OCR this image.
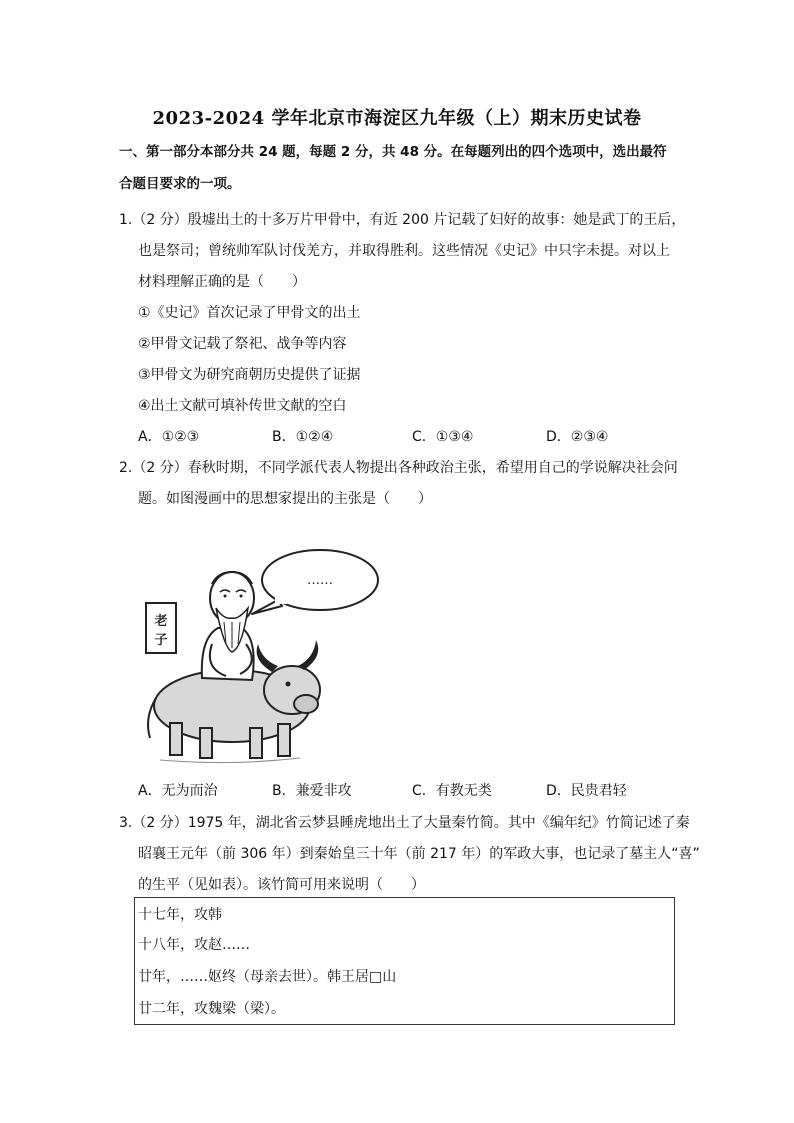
2023-2024 学年北京市海淀区九年级（上）期末历史试卷
一、第一部分本部分共 24 题，每题 2 分，共 48 分。在每题列出的四个选项中，选出最符
合题目要求的一项。
1.（2 分）殷墟出土的十多万片甲骨中，有近 200 片记载了妇好的故事：她是武丁的王后，
也是祭司；曾统帅军队讨伐羌方，并取得胜利。这些情况《史记》中只字未提。对以上
材料理解正确的是（　　）
①《史记》首次记录了甲骨文的出土
②甲骨文记载了祭祀、战争等内容
③甲骨文为研究商朝历史提供了证据
④出土文献可填补传世文献的空白
A．①②③	B．①②④	C．①③④	D．②③④
2.（2 分）春秋时期，不同学派代表人物提出各种政治主张，希望用自己的学说解决社会问
题。如图漫画中的思想家提出的主张是（　　）
……
老
子
A．无为而治	B．兼爱非攻	C．有教无类	D．民贵君轻
3.（2 分）1975 年，湖北省云梦县睡虎地出土了大量秦竹简。其中《编年纪》竹简记述了秦
昭襄王元年（前 306 年）到秦始皇三十年（前 217 年）的军政大事，也记录了墓主人“喜”
的生平（见如表）。该竹简可用来说明（　　）
十七年，攻韩
十八年，攻赵……
廿年，……妪终（母亲去世）。韩王居□山
廿二年，攻魏梁（梁）。
